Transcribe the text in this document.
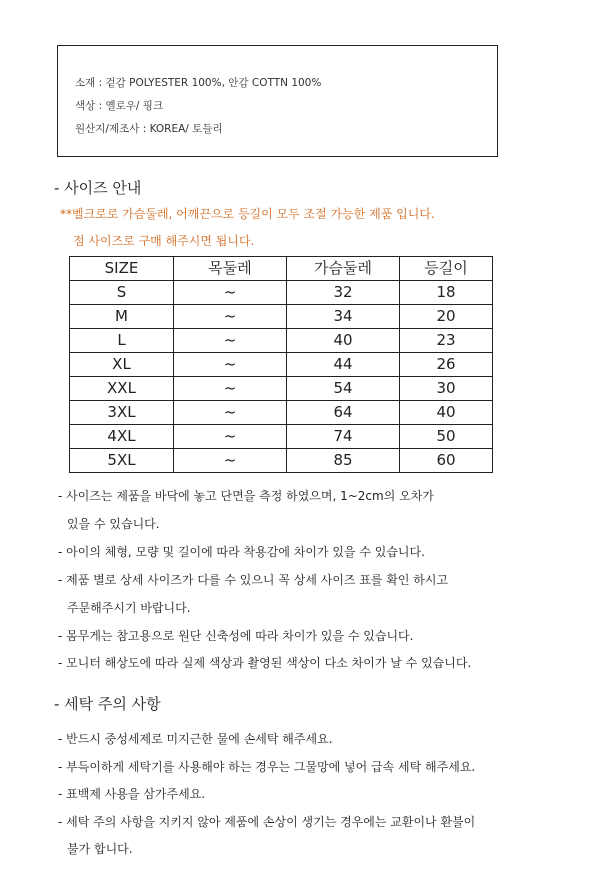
소재 : 겉감 POLYESTER 100%, 안감 COTTN 100%
색상 : 옐로우/ 핑크
원산지/제조사 : KOREA/ 토들리
- 사이즈 안내
**벨크로로 가슴둘레, 어깨끈으로 등길이 모두 조절 가능한 제품 입니다.
점 사이즈로 구매 해주시면 됩니다.
SIZE	목둘레	가슴둘레	등길이
S	~	32	18
M	~	34	20
L	~	40	23
XL	~	44	26
XXL	~	54	30
3XL	~	64	40
4XL	~	74	50
5XL	~	85	60
- 사이즈는 제품을 바닥에 놓고 단면을 측정 하였으며, 1~2cm의 오차가
있을 수 있습니다.
- 아이의 체형, 모량 및 길이에 따라 착용감에 차이가 있을 수 있습니다.
- 제품 별로 상세 사이즈가 다를 수 있으니 꼭 상세 사이즈 표를 확인 하시고
주문해주시기 바랍니다.
- 몸무게는 참고용으로 원단 신축성에 따라 차이가 있을 수 있습니다.
- 모니터 해상도에 따라 실제 색상과 촬영된 색상이 다소 차이가 날 수 있습니다.
- 세탁 주의 사항
- 반드시 중성세제로 미지근한 물에 손세탁 해주세요.
- 부득이하게 세탁기를 사용해야 하는 경우는 그물망에 넣어 급속 세탁 해주세요.
- 표백제 사용을 삼가주세요.
- 세탁 주의 사항을 지키지 않아 제품에 손상이 생기는 경우에는 교환이나 환불이
불가 합니다.
